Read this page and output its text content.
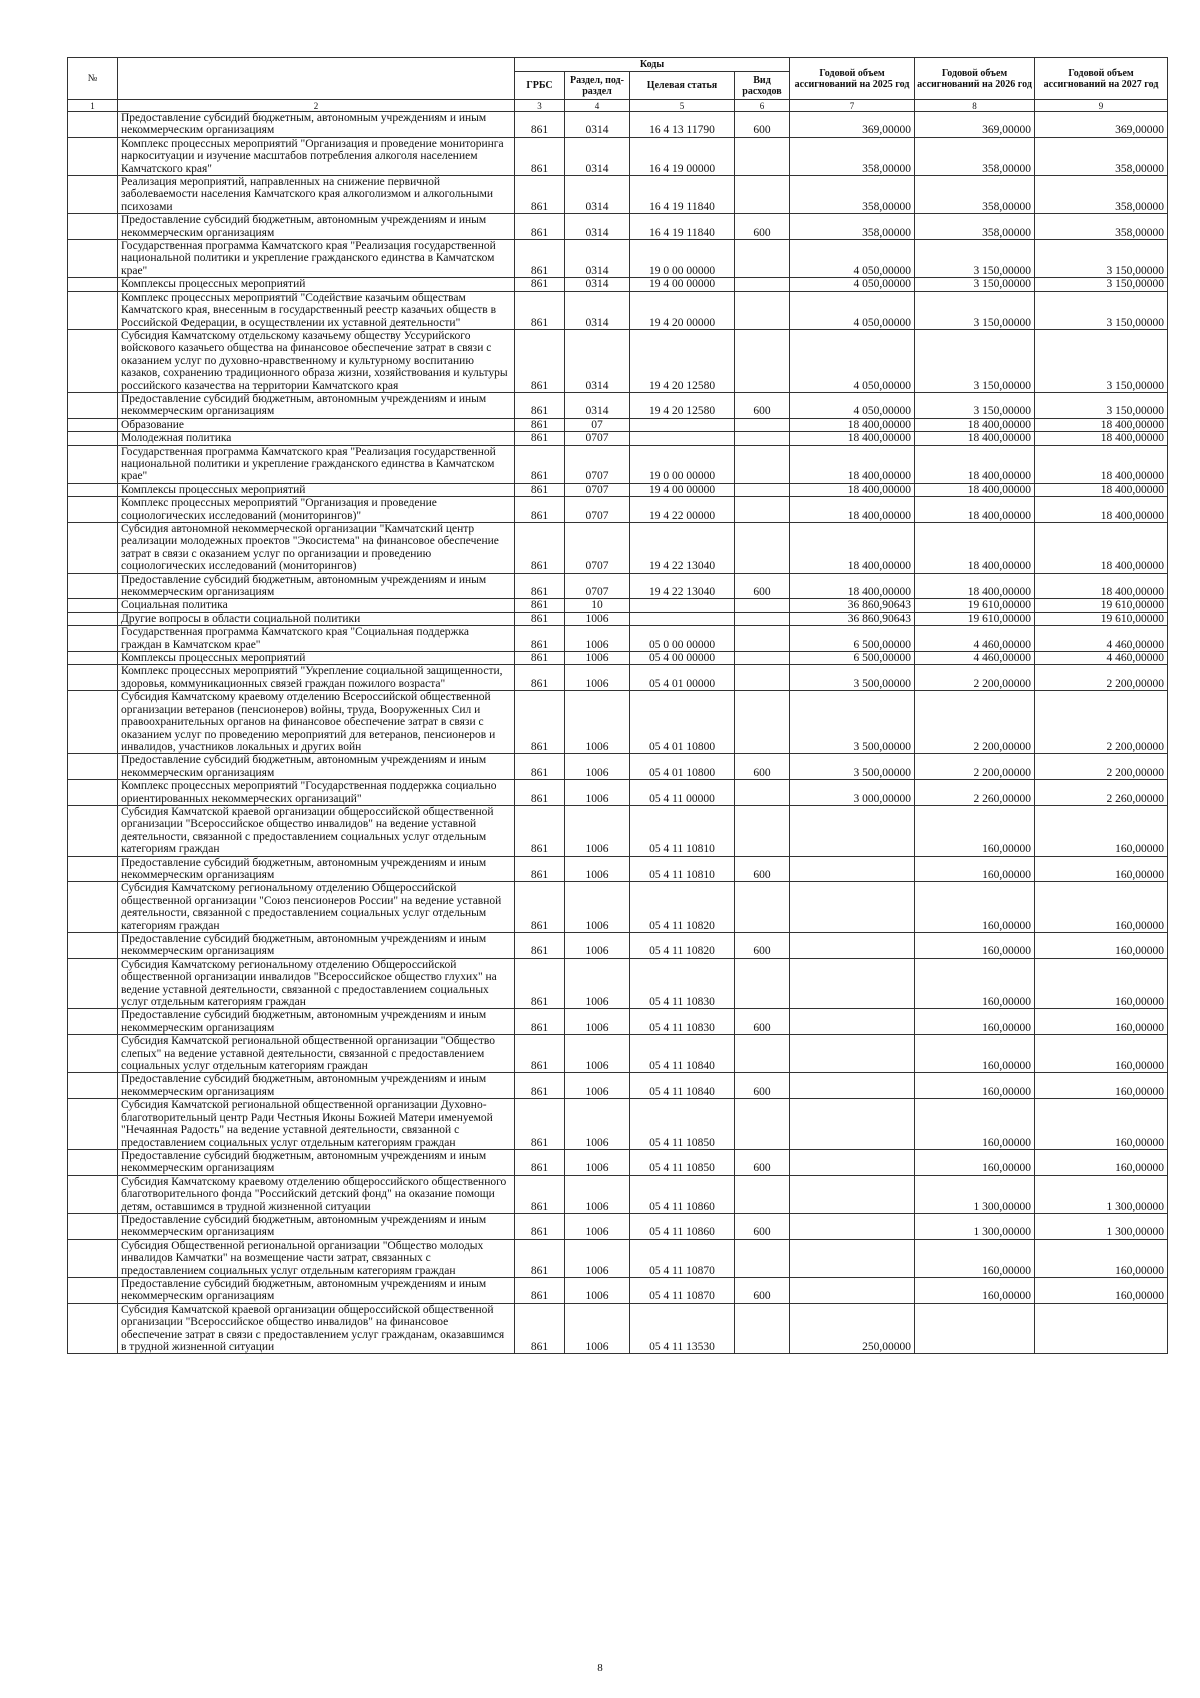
№		Коды				Годовой объем ассигнований на 2025 год	Годовой объем ассигнований на 2026 год	Годовой объем ассигнований на 2027 год
		ГРБС	Раздел, под-раздел	Целевая статья	Вид расходов			
1	2	3	4	5	6	7	8	9
	Предоставление субсидий бюджетным, автономным учреждениям и иным некоммерческим организациям	861	0314	16 4 13 11790	600	369,00000	369,00000	369,00000
	Комплекс процессных мероприятий "Организация и проведение мониторинга наркоситуации и изучение масштабов потребления алкоголя населением Камчатского края"	861	0314	16 4 19 00000		358,00000	358,00000	358,00000
	Реализация мероприятий, направленных на снижение первичной заболеваемости населения Камчатского края алкоголизмом и алкогольными психозами	861	0314	16 4 19 11840		358,00000	358,00000	358,00000
	Предоставление субсидий бюджетным, автономным учреждениям и иным некоммерческим организациям	861	0314	16 4 19 11840	600	358,00000	358,00000	358,00000
	Государственная программа Камчатского края "Реализация государственной национальной политики и укрепление гражданского единства в Камчатском крае"	861	0314	19 0 00 00000		4 050,00000	3 150,00000	3 150,00000
	Комплексы процессных мероприятий	861	0314	19 4 00 00000		4 050,00000	3 150,00000	3 150,00000
	Комплекс процессных мероприятий "Содействие казачьим обществам Камчатского края, внесенным в государственный реестр казачьих обществ в Российской Федерации, в осуществлении их уставной деятельности"	861	0314	19 4 20 00000		4 050,00000	3 150,00000	3 150,00000
	Субсидия Камчатскому отдельскому казачьему обществу Уссурийского войскового казачьего общества на финансовое обеспечение затрат в связи с оказанием услуг по духовно-нравственному и культурному воспитанию казаков, сохранению традиционного образа жизни, хозяйствования и культуры российского казачества на территории Камчатского края	861	0314	19 4 20 12580		4 050,00000	3 150,00000	3 150,00000
	Предоставление субсидий бюджетным, автономным учреждениям и иным некоммерческим организациям	861	0314	19 4 20 12580	600	4 050,00000	3 150,00000	3 150,00000
	Образование	861	07			18 400,00000	18 400,00000	18 400,00000
	Молодежная политика	861	0707			18 400,00000	18 400,00000	18 400,00000
	Государственная программа Камчатского края "Реализация государственной национальной политики и укрепление гражданского единства в Камчатском крае"	861	0707	19 0 00 00000		18 400,00000	18 400,00000	18 400,00000
	Комплексы процессных мероприятий	861	0707	19 4 00 00000		18 400,00000	18 400,00000	18 400,00000
	Комплекс процессных мероприятий "Организация и проведение социологических исследований (мониторингов)"	861	0707	19 4 22 00000		18 400,00000	18 400,00000	18 400,00000
	Субсидия автономной некоммерческой организации "Камчатский центр реализации молодежных проектов "Экосистема" на финансовое обеспечение затрат в связи с оказанием услуг по организации и проведению социологических исследований (мониторингов)	861	0707	19 4 22 13040		18 400,00000	18 400,00000	18 400,00000
	Предоставление субсидий бюджетным, автономным учреждениям и иным некоммерческим организациям	861	0707	19 4 22 13040	600	18 400,00000	18 400,00000	18 400,00000
	Социальная политика	861	10			36 860,90643	19 610,00000	19 610,00000
	Другие вопросы в области социальной политики	861	1006			36 860,90643	19 610,00000	19 610,00000
	Государственная программа Камчатского края "Социальная поддержка граждан в Камчатском крае"	861	1006	05 0 00 00000		6 500,00000	4 460,00000	4 460,00000
	Комплексы процессных мероприятий	861	1006	05 4 00 00000		6 500,00000	4 460,00000	4 460,00000
	Комплекс процессных мероприятий "Укрепление социальной защищенности, здоровья, коммуникационных связей граждан пожилого возраста"	861	1006	05 4 01 00000		3 500,00000	2 200,00000	2 200,00000
	Субсидия Камчатскому краевому отделению Всероссийской общественной организации ветеранов (пенсионеров) войны, труда, Вооруженных Сил и правоохранительных органов на финансовое обеспечение затрат в связи с оказанием услуг по проведению мероприятий для ветеранов, пенсионеров и инвалидов, участников локальных и других войн	861	1006	05 4 01 10800		3 500,00000	2 200,00000	2 200,00000
	Предоставление субсидий бюджетным, автономным учреждениям и иным некоммерческим организациям	861	1006	05 4 01 10800	600	3 500,00000	2 200,00000	2 200,00000
	Комплекс процессных мероприятий "Государственная поддержка социально ориентированных некоммерческих организаций"	861	1006	05 4 11 00000		3 000,00000	2 260,00000	2 260,00000
	Субсидия Камчатской краевой организации общероссийской общественной организации "Всероссийское общество инвалидов" на ведение уставной деятельности, связанной с предоставлением социальных услуг отдельным категориям граждан	861	1006	05 4 11 10810			160,00000	160,00000
	Предоставление субсидий бюджетным, автономным учреждениям и иным некоммерческим организациям	861	1006	05 4 11 10810	600		160,00000	160,00000
	Субсидия Камчатскому региональному отделению Общероссийской общественной организации "Союз пенсионеров России" на ведение уставной деятельности, связанной с предоставлением социальных услуг отдельным категориям граждан	861	1006	05 4 11 10820			160,00000	160,00000
	Предоставление субсидий бюджетным, автономным учреждениям и иным некоммерческим организациям	861	1006	05 4 11 10820	600		160,00000	160,00000
	Субсидия Камчатскому региональному отделению Общероссийской общественной организации инвалидов "Всероссийское общество глухих" на ведение уставной деятельности, связанной с предоставлением социальных услуг отдельным категориям граждан	861	1006	05 4 11 10830			160,00000	160,00000
	Предоставление субсидий бюджетным, автономным учреждениям и иным некоммерческим организациям	861	1006	05 4 11 10830	600		160,00000	160,00000
	Субсидия Камчатской региональной общественной организации "Общество слепых" на ведение уставной деятельности, связанной с предоставлением социальных услуг отдельным категориям граждан	861	1006	05 4 11 10840			160,00000	160,00000
	Предоставление субсидий бюджетным, автономным учреждениям и иным некоммерческим организациям	861	1006	05 4 11 10840	600		160,00000	160,00000
	Субсидия Камчатской региональной общественной организации Духовно-благотворительный центр Ради Честныя Иконы Божией Матери именуемой "Нечаянная Радость" на ведение уставной деятельности, связанной с предоставлением социальных услуг отдельным категориям граждан	861	1006	05 4 11 10850			160,00000	160,00000
	Предоставление субсидий бюджетным, автономным учреждениям и иным некоммерческим организациям	861	1006	05 4 11 10850	600		160,00000	160,00000
	Субсидия Камчатскому краевому отделению общероссийского общественного благотворительного фонда "Российский детский фонд" на оказание помощи детям, оставшимся в трудной жизненной ситуации	861	1006	05 4 11 10860			1 300,00000	1 300,00000
	Предоставление субсидий бюджетным, автономным учреждениям и иным некоммерческим организациям	861	1006	05 4 11 10860	600		1 300,00000	1 300,00000
	Субсидия Общественной региональной организации "Общество молодых инвалидов Камчатки" на возмещение части затрат, связанных с предоставлением социальных услуг отдельным категориям граждан	861	1006	05 4 11 10870			160,00000	160,00000
	Предоставление субсидий бюджетным, автономным учреждениям и иным некоммерческим организациям	861	1006	05 4 11 10870	600		160,00000	160,00000
	Субсидия Камчатской краевой организации общероссийской общественной организации "Всероссийское общество инвалидов" на финансовое обеспечение затрат в связи с предоставлением услуг гражданам, оказавшимся в трудной жизненной ситуации	861	1006	05 4 11 13530		250,00000		
8
